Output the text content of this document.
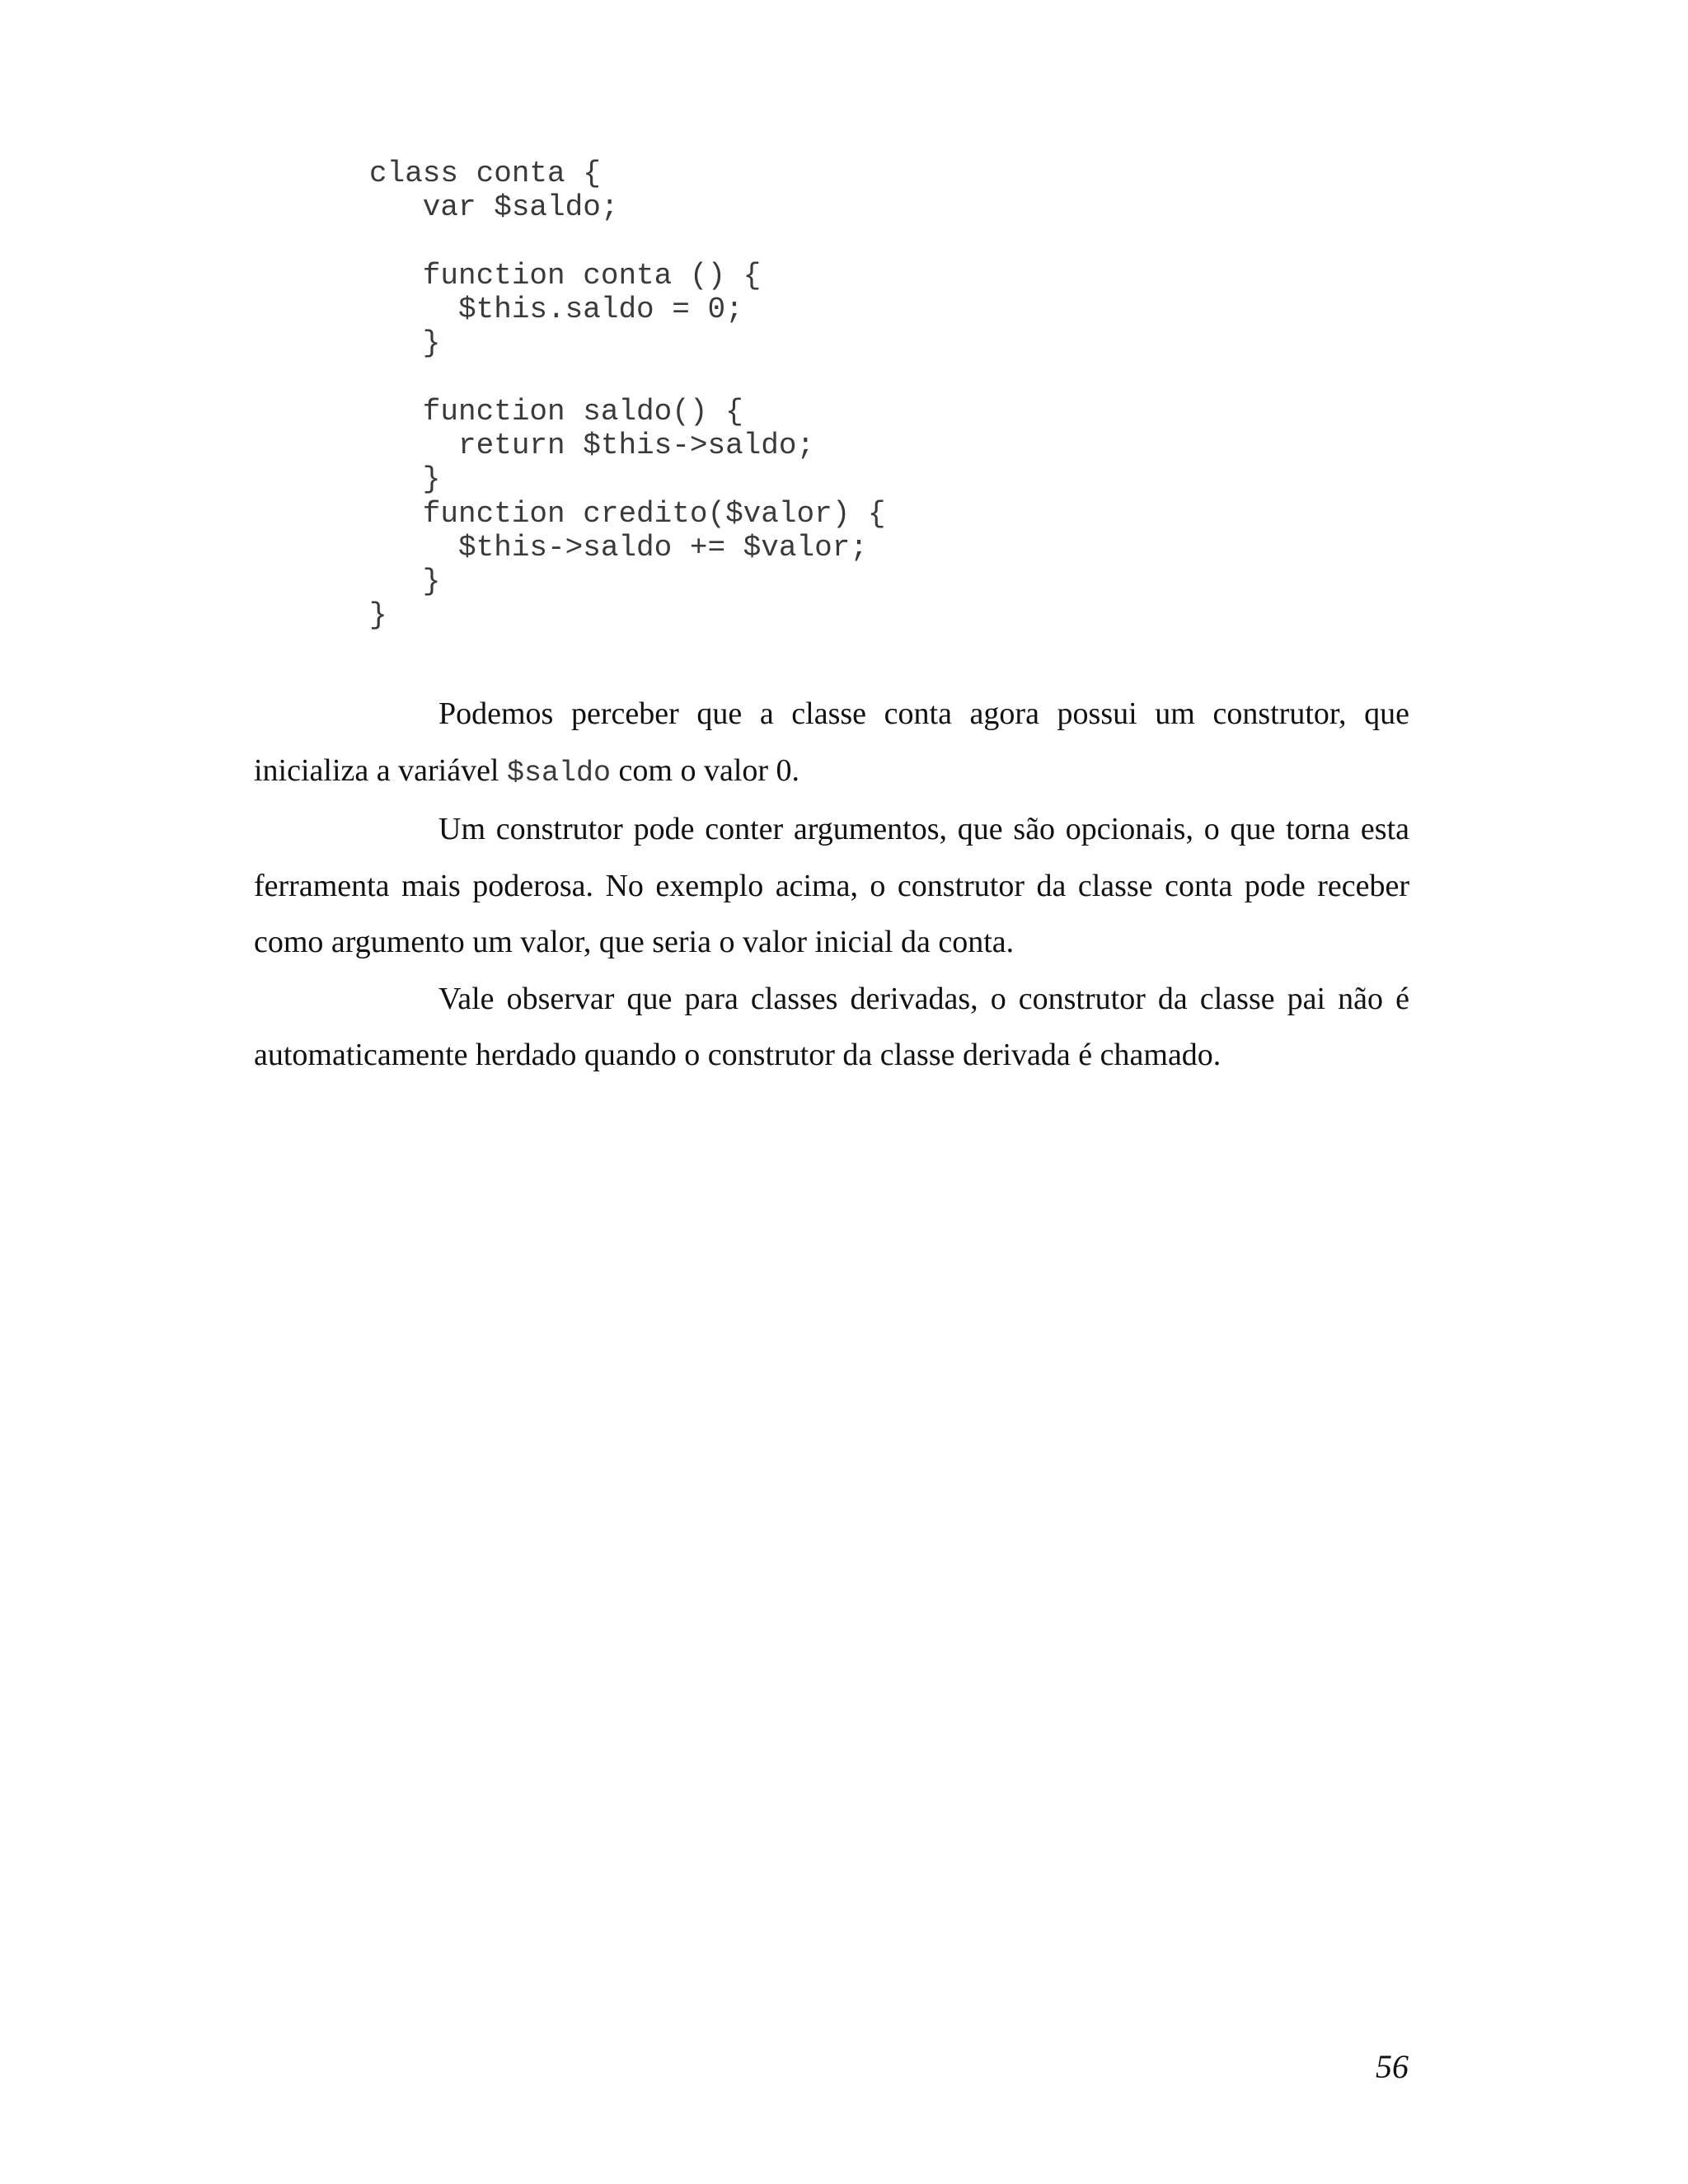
class conta {
var $saldo;
function conta () {
$this.saldo = 0;
}
function saldo() {
return $this->saldo;
}
function credito($valor) {
$this->saldo += $valor;
}
}

Podemos perceber que a classe conta agora possui um construtor, que inicializa a variável $saldo com o valor 0.

Um construtor pode conter argumentos, que são opcionais, o que torna esta ferramenta mais poderosa. No exemplo acima, o construtor da classe conta pode receber como argumento um valor, que seria o valor inicial da conta.

Vale observar que para classes derivadas, o construtor da classe pai não é automaticamente herdado quando o construtor da classe derivada é chamado.

56
